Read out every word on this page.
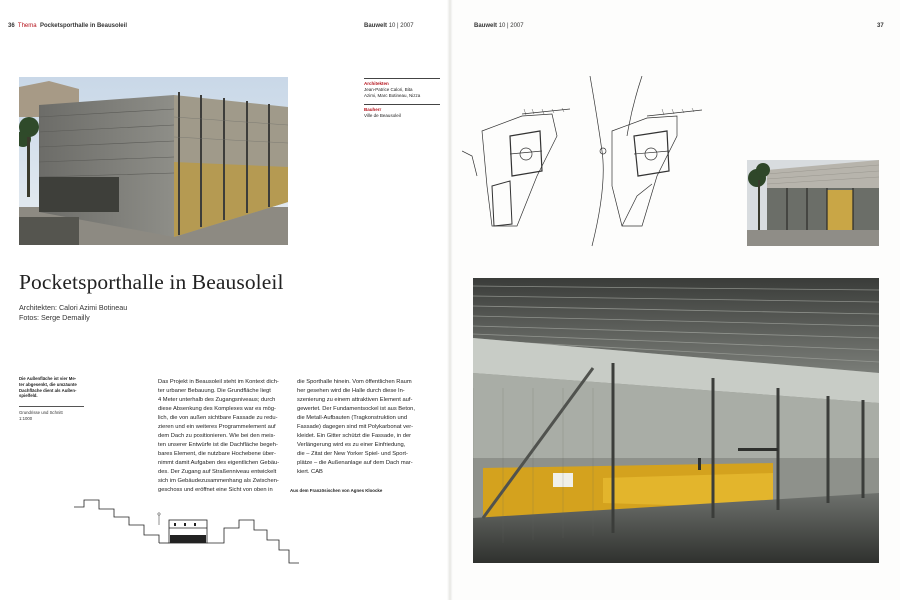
36 Thema Pocketsporthalle in Beausoleil	Bauwelt 10 | 2007	Bauwelt 10 | 2007	37
Pocketsporthalle in Beausoleil
Architekten: Calori Azimi Botineau
Fotos: Serge Demailly
Die Außenfläche ist vier Me-
ter abgesenkt, die umzäunte
Dachfläche dient als Außen-
spielfeld.
Grundrisse und Schnitt
1:1000
Das Projekt in Beausoleil steht im Kontext dich-
ter urbaner Bebauung. Die Grundfläche liegt
4 Meter unterhalb des Zugangsniveaus; durch
diese Absenkung des Komplexes war es mög-
lich, die von außen sichtbare Fassade zu redu-
zieren und ein weiteres Programmelement auf
dem Dach zu positionieren. Wie bei den meis-
ten unserer Entwürfe ist die Dachfläche begeh-
bares Element, die nutzbare Hochebene über-
nimmt damit Aufgaben des eigentlichen Gebäu-
des. Der Zugang auf Straßenniveau entwickelt
sich im Gebäudezusammenhang als Zwischen-
geschoss und eröffnet eine Sicht von oben in
die Sporthalle hinein. Vom öffentlichen Raum
her gesehen wird die Halle durch diese In-
szenierung zu einem attraktiven Element auf-
gewertet. Der Fundamentsockel ist aus Beton,
die Metall-Aufbauten (Tragkonstruktion und
Fassade) dagegen sind mit Polykarbonat ver-
kleidet. Ein Gitter schützt die Fassade, in der
Verlängerung wird es zu einer Einfriedung,
die – Zitat der New Yorker Spiel- und Sport-
plätze – die Außenanlage auf dem Dach mar-
kiert. CAB
Aus dem Französischen von Agnes Kloocke
Architekten
Jean-Patrice Calori, Bita
Azimi, Marc Botineau, Nizza
Bauherr
Ville de Beausoleil
